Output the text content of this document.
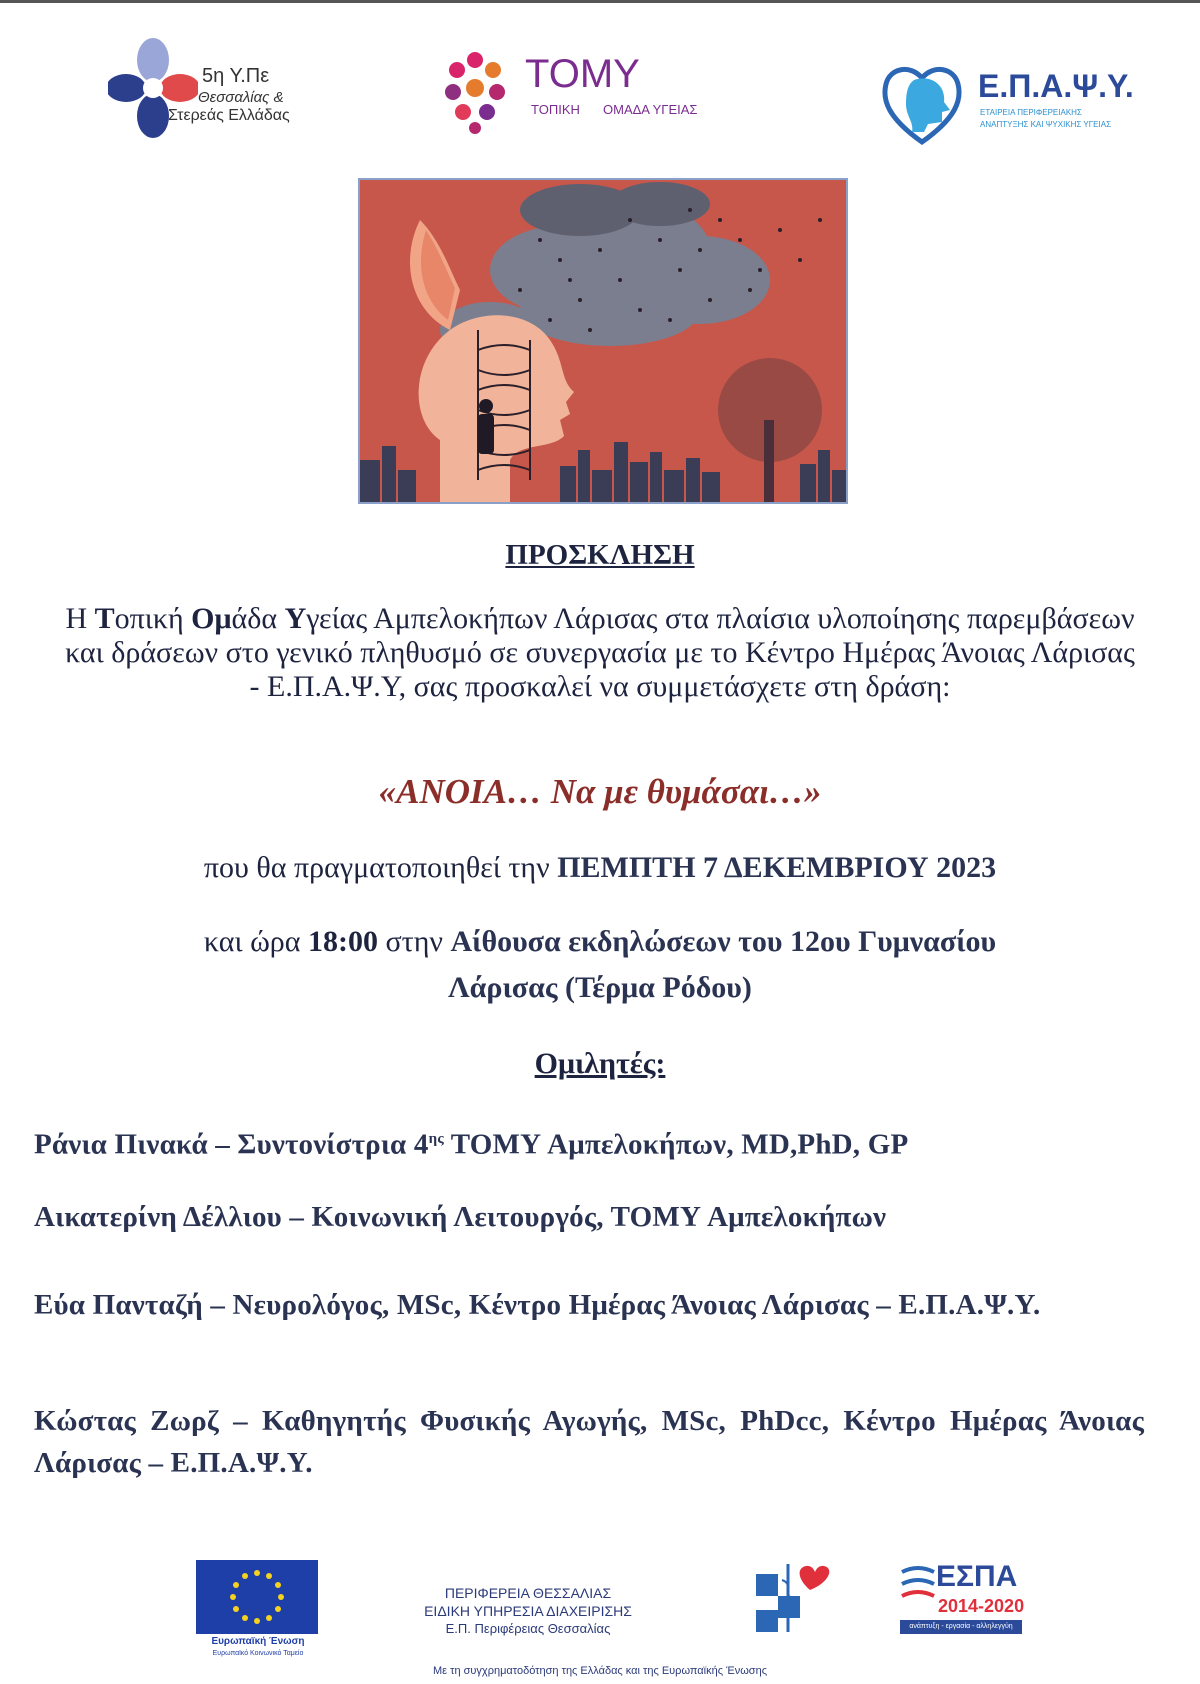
5η Υ.Πε
Θεσσαλίας &
Στερεάς Ελλάδας
ΤΟΜΥ
ΤΟΠΙΚΗ ΟΜΑΔΑ ΥΓΕΙΑΣ
Ε.Π.Α.Ψ.Υ.
ΕΤΑΙΡΕΙΑ ΠΕΡΙΦΕΡΕΙΑΚΗΣ
ΑΝΑΠΤΥΞΗΣ ΚΑΙ ΨΥΧΙΚΗΣ ΥΓΕΙΑΣ
ΠΡΟΣΚΛΗΣΗ
Η Τοπική Ομάδα Υγείας Αμπελοκήπων Λάρισας στα πλαίσια υλοποίησης παρεμβάσεων και δράσεων στο γενικό πληθυσμό σε συνεργασία με το Κέντρο Ημέρας Άνοιας Λάρισας - Ε.Π.Α.Ψ.Υ, σας προσκαλεί να συμμετάσχετε στη δράση:
«ΑΝΟΙΑ… Να με θυμάσαι…»
που θα πραγματοποιηθεί την ΠΕΜΠΤΗ 7 ΔΕΚΕΜΒΡΙΟΥ 2023
και ώρα 18:00 στην Αίθουσα εκδηλώσεων του 12ου Γυμνασίου
Λάρισας (Τέρμα Ρόδου)
Ομιλητές:
Ράνια Πινακά – Συντονίστρια $4^{\eta\varsigma}$ ΤΟΜΥ Αμπελοκήπων, MD,PhD, GP
Αικατερίνη Δέλλιου – Κοινωνική Λειτουργός, ΤΟΜΥ Αμπελοκήπων
Εύα Πανταζή – Νευρολόγος, MSc, Κέντρο Ημέρας Άνοιας Λάρισας – Ε.Π.Α.Ψ.Υ.
Κώστας Ζωρζ – Καθηγητής Φυσικής Αγωγής, MSc, PhDcc, Κέντρο Ημέρας Άνοιας Λάρισας – Ε.Π.Α.Ψ.Υ.
Ευρωπαϊκή Ένωση
Ευρωπαϊκό Κοινωνικό Ταμείο
ΠΕΡΙΦΕΡΕΙΑ ΘΕΣΣΑΛΙΑΣ
ΕΙΔΙΚΗ ΥΠΗΡΕΣΙΑ ΔΙΑΧΕΙΡΙΣΗΣ
Ε.Π. Περιφέρειας Θεσσαλίας
ΕΣΠΑ
2014-2020
ανάπτυξη - εργασία - αλληλεγγύη
Με τη συγχρηματοδότηση της Ελλάδας και της Ευρωπαϊκής Ένωσης
